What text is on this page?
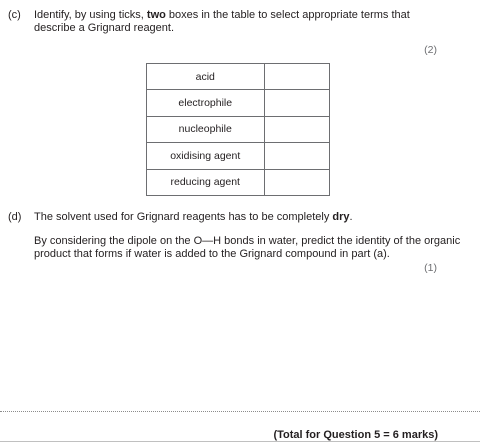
(c) Identify, by using ticks, two boxes in the table to select appropriate terms that
describe a Grignard reagent.
(2)
acid	
electrophile	
nucleophile	
oxidising agent	
reducing agent	
(d) The solvent used for Grignard reagents has to be completely dry.
By considering the dipole on the O—H bonds in water, predict the identity of the organic
product that forms if water is added to the Grignard compound in part (a).
(1)
(Total for Question 5 = 6 marks)
